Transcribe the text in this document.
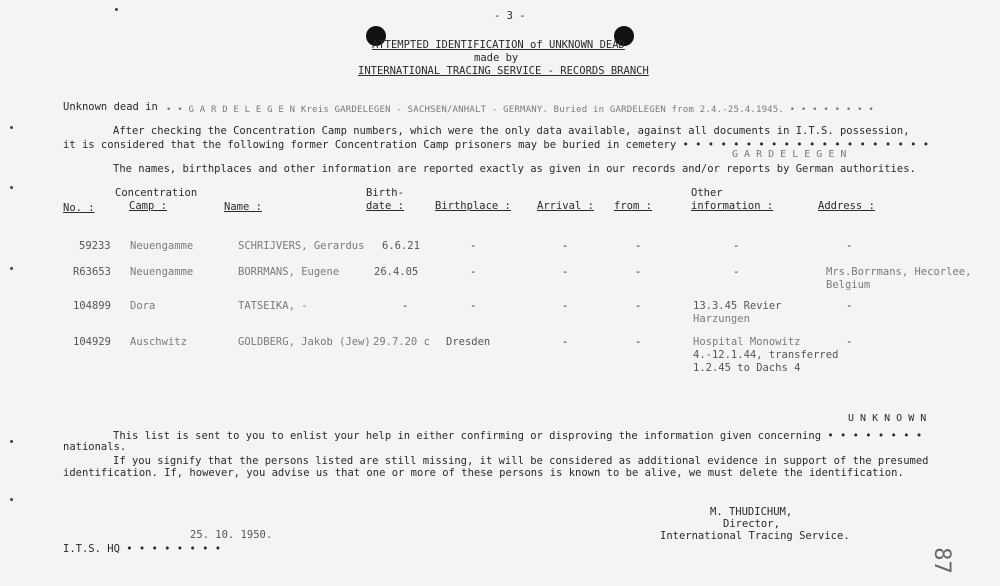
- 3 -
ATTEMPTED IDENTIFICATION of UNKNOWN DEAD
made by
INTERNATIONAL TRACING SERVICE - RECORDS BRANCH
Unknown dead in • • G A R D E L E G E N Kreis GARDELEGEN - SACHSEN/ANHALT - GERMANY. Buried in GARDELEGEN from 2.4.-25.4.1945. • • • • • • • •
After checking the Concentration Camp numbers, which were the only data available, against all documents in I.T.S. possession,
it is considered that the following former Concentration Camp prisoners may be buried in cemetery • • • • • • • • • • • • • • • • • • • •
G A R D E L E G E N
The names, birthplaces and other information are reported exactly as given in our records and/or reports by German authorities.
No. :
Concentration
Camp :	Name :
Birth-
date :	Birthplace : Arrival : from :
Other
information :	Address :
59233 Neuengamme	SCHRIJVERS, Gerardus 6.6.21	-	-	-	-	-
R63653 Neuengamme	BORRMANS, Eugene	26.4.05	-	-	-	-	Mrs.Borrmans, Hecorlee,
Belgium
104899 Dora	TATSEIKA, -	-	-	-	-	13.3.45 Revier
Harzungen
-
104929 Auschwitz	GOLDBERG, Jakob (Jew) 29.7.20 c Dresden	-	-	Hospital Monowitz
4.-12.1.44, transferred
1.2.45 to Dachs 4
-
U N K N O W N
This list is sent to you to enlist your help in either confirming or disproving the information given concerning • • • • • • • •
nationals.
If you signify that the persons listed are still missing, it will be considered as additional evidence in support of the presumed
identification. If, however, you advise us that one or more of these persons is known to be alive, we must delete the identification.
M. THUDICHUM,
Director,
International Tracing Service.
25. 10. 1950.
I.T.S. HQ • • • • • • • •	87
